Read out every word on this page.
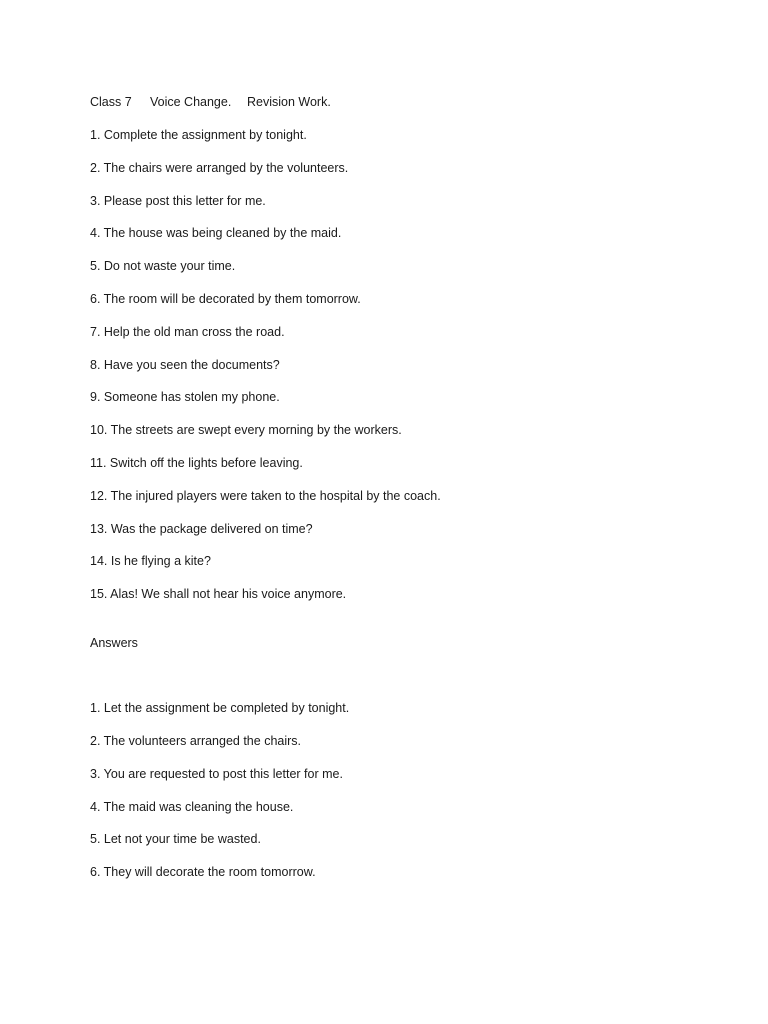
Class 7 Voice Change. Revision Work.
1. Complete the assignment by tonight.
2. The chairs were arranged by the volunteers.
3. Please post this letter for me.
4. The house was being cleaned by the maid.
5. Do not waste your time.
6. The room will be decorated by them tomorrow.
7. Help the old man cross the road.
8. Have you seen the documents?
9. Someone has stolen my phone.
10. The streets are swept every morning by the workers.
11. Switch off the lights before leaving.
12. The injured players were taken to the hospital by the coach.
13. Was the package delivered on time?
14. Is he flying a kite?
15. Alas! We shall not hear his voice anymore.
Answers
1. Let the assignment be completed by tonight.
2. The volunteers arranged the chairs.
3. You are requested to post this letter for me.
4. The maid was cleaning the house.
5. Let not your time be wasted.
6. They will decorate the room tomorrow.
